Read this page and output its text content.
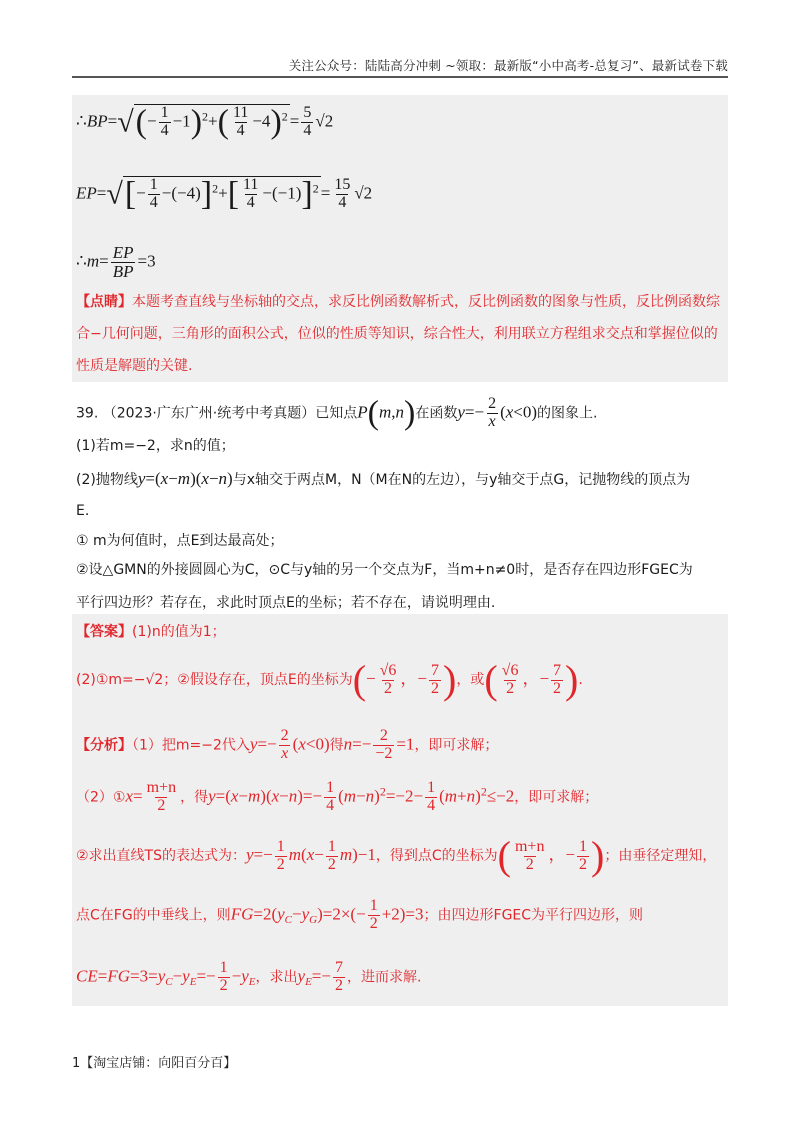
关注公众号：陆陆高分冲刺 ~领取：最新版“小中高考-总复习”、最新试卷下载
∴BP=√(− $\frac{1}{4} -1)^2+( \frac{11}{4} -4)^2 = \frac{5}{4} √2$
$EP=√[- \frac{1}{4} -(-4)]^2+[ \frac{11}{4} -(-1)]^2 = \frac{15}{4} √2$
∴m= $\frac{EP}{BP} =3$
【点睛】本题考查直线与坐标轴的交点，求反比例函数解析式，反比例函数的图象与性质，反比例函数综
合−几何问题，三角形的面积公式，位似的性质等知识，综合性大，利用联立方程组求交点和掌握位似的
性质是解题的关键.
39. （2023·广东广州·统考中考真题）已知点P(m,n)在函数$y=- \frac{2}{x} (x<0)$的图象上.
(1)若m=−2，求n的值；
(2)抛物线y=(x−m)(x−n)与x轴交于两点M，N（M在N的左边），与y轴交于点G，记抛物线的顶点为
E.
① m为何值时，点E到达最高处；
②设△GMN的外接圆圆心为C，⊙C与y轴的另一个交点为F，当m+n≠0时，是否存在四边形FGEC为
平行四边形？若存在，求此时顶点E的坐标；若不存在，请说明理由.
【答案】(1)n的值为1；
(2)①m=−√2；②假设存在，顶点E的坐标为(− $\frac{√6}{2}$ ，− $\frac{7}{2}$ )，或( $\frac{√6}{2}$ ，− $\frac{7}{2}$ ).
【分析】（1）把m=−2代入$y=- \frac{2}{x} (x<0)$得$n=- \frac{2}{-2} =1$，即可求解；
（2）①x= $\frac{m+n}{2}$ ，得$y=(x-m)(x-n)=- \frac{1}{4} (m-n)2=-2- \frac{1}{4} (m+n)2\le-2$，即可求解；
②求出直线TS的表达式为：$y=- \frac{1}{2} m(x- \frac{1}{2} m)-1$，得到点C的坐标为( $\frac{m+n}{2}$ ，− $\frac{1}{2}$ )；由垂径定理知，
点C在FG的中垂线上，则$FG=2(y_C-y_G)=2\times(- \frac{1}{2} +2)=3$；由四边形FGEC为平行四边形，则
$CE=FG=3=y_C-y_E=- \frac{1}{2} -y_E$，求出$y_E=- \frac{7}{2}$ ，进而求解.
1【淘宝店铺：向阳百分百】
